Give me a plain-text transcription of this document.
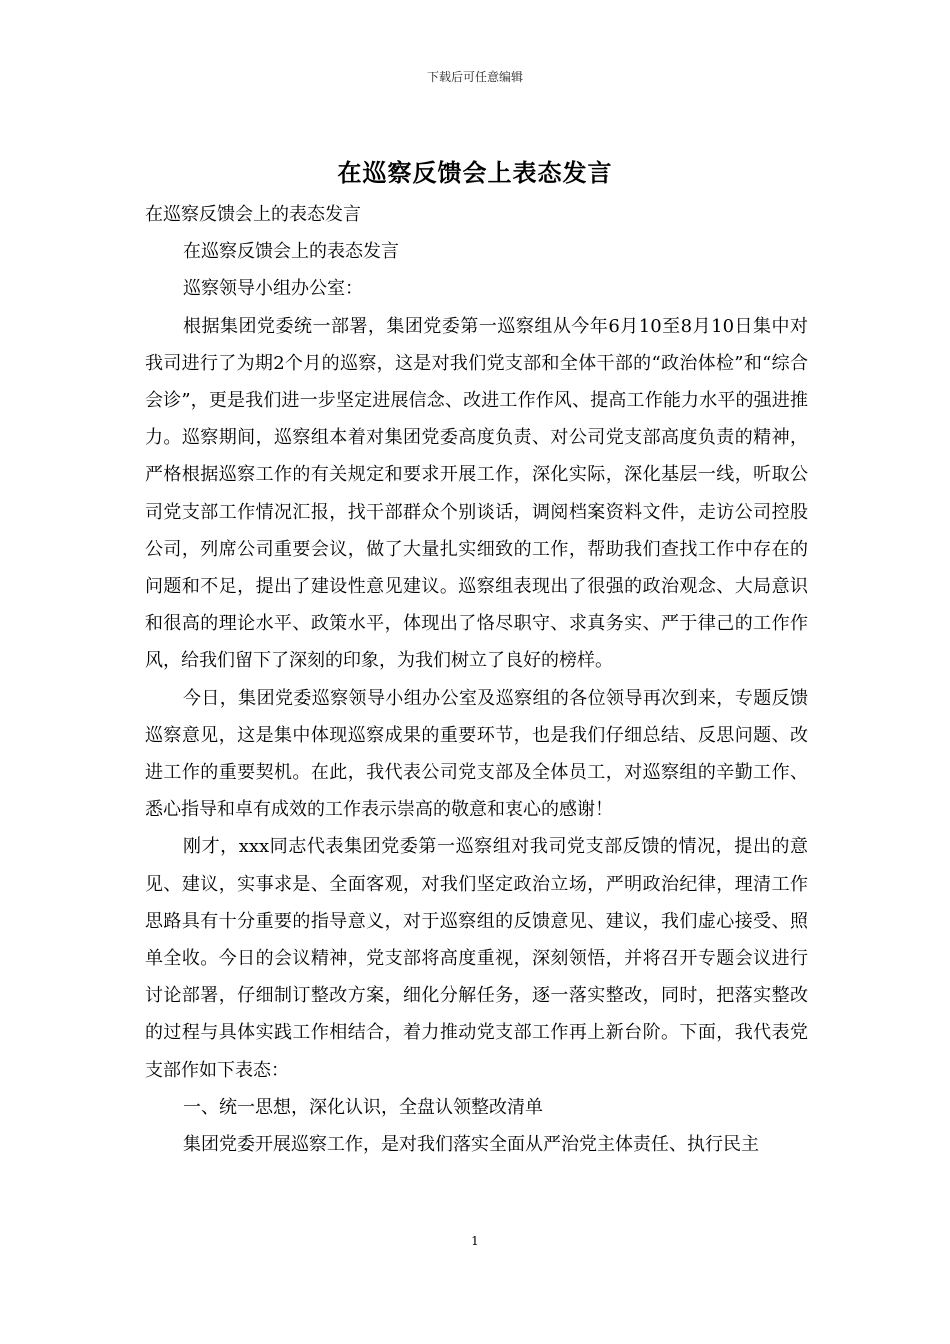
下载后可任意编辑
在巡察反馈会上表态发言

在巡察反馈会上的表态发言

在巡察反馈会上的表态发言

巡察领导小组办公室：

根据集团党委统一部署，集团党委第一巡察组从今年6月10至8月10日集中对我司进行了为期2个月的巡察，这是对我们党支部和全体干部的“政治体检”和“综合会诊”，更是我们进一步坚定进展信念、改进工作作风、提高工作能力水平的强进推力。巡察期间，巡察组本着对集团党委高度负责、对公司党支部高度负责的精神，严格根据巡察工作的有关规定和要求开展工作，深化实际，深化基层一线，听取公司党支部工作情况汇报，找干部群众个别谈话，调阅档案资料文件，走访公司控股公司，列席公司重要会议，做了大量扎实细致的工作，帮助我们查找工作中存在的问题和不足，提出了建设性意见建议。巡察组表现出了很强的政治观念、大局意识和很高的理论水平、政策水平，体现出了恪尽职守、求真务实、严于律己的工作作风，给我们留下了深刻的印象，为我们树立了良好的榜样。

今日，集团党委巡察领导小组办公室及巡察组的各位领导再次到来，专题反馈巡察意见，这是集中体现巡察成果的重要环节，也是我们仔细总结、反思问题、改进工作的重要契机。在此，我代表公司党支部及全体员工，对巡察组的辛勤工作、悉心指导和卓有成效的工作表示崇高的敬意和衷心的感谢！

刚才，xxx同志代表集团党委第一巡察组对我司党支部反馈的情况，提出的意见、建议，实事求是、全面客观，对我们坚定政治立场，严明政治纪律，理清工作思路具有十分重要的指导意义，对于巡察组的反馈意见、建议，我们虚心接受、照单全收。今日的会议精神，党支部将高度重视，深刻领悟，并将召开专题会议进行讨论部署，仔细制订整改方案，细化分解任务，逐一落实整改，同时，把落实整改的过程与具体实践工作相结合，着力推动党支部工作再上新台阶。下面，我代表党支部作如下表态：

一、统一思想，深化认识，全盘认领整改清单

集团党委开展巡察工作，是对我们落实全面从严治党主体责任、执行民主

1
